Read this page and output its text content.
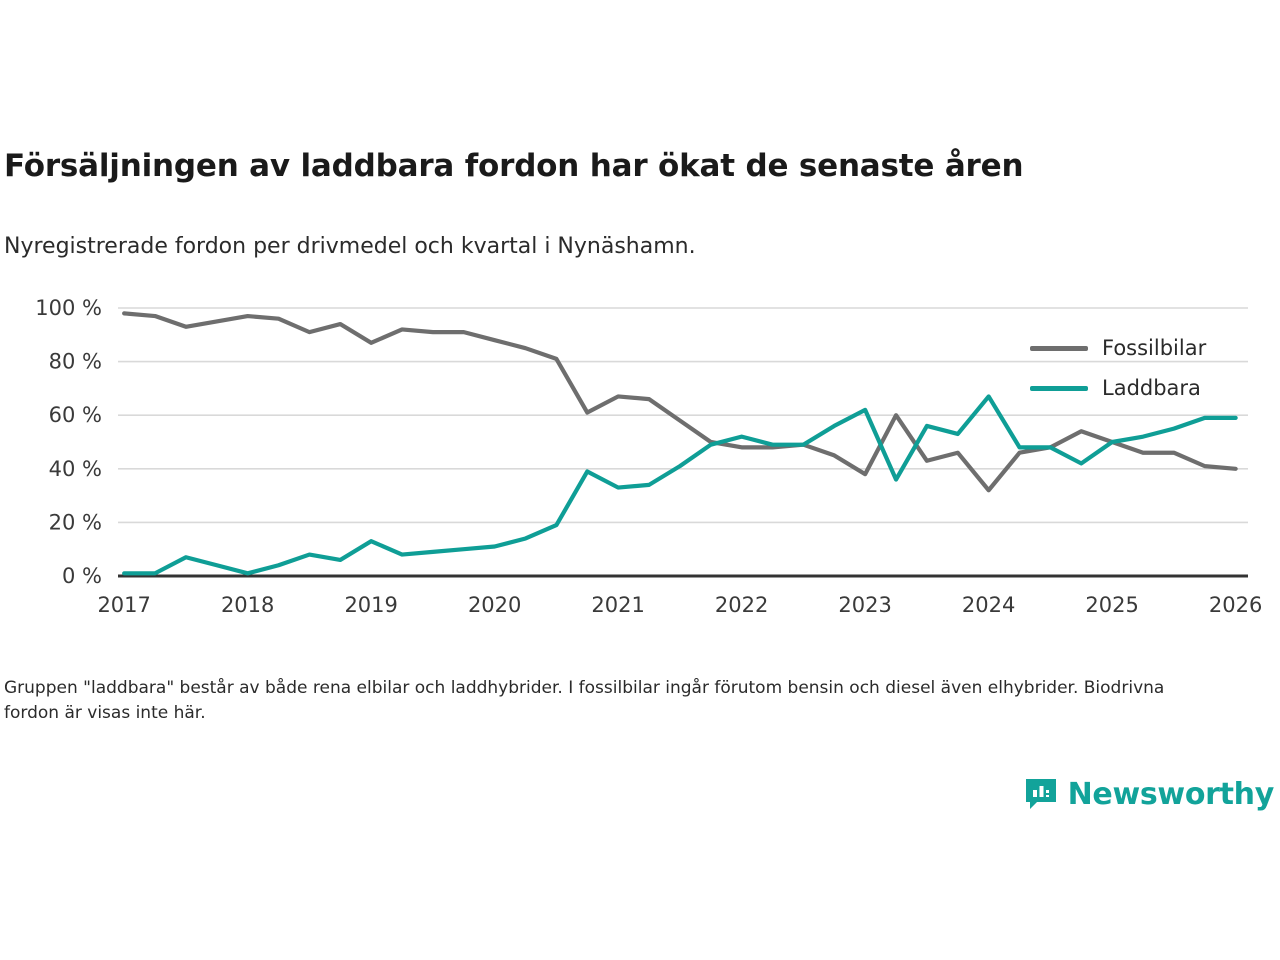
Försäljningen av laddbara fordon har ökat de senaste åren
Nyregistrerade fordon per drivmedel och kvartal i Nynäshamn.
0 %
20 %
40 %
60 %
80 %
100 %
2017	2018	2019	2020	2021	2022	2023	2024	2025	2026
Fossilbilar
Laddbara
Gruppen "laddbara" består av både rena elbilar och laddhybrider. I fossilbilar ingår förutom bensin och diesel även elhybrider. Biodrivna fordon är visas inte här.
Newsworthy
